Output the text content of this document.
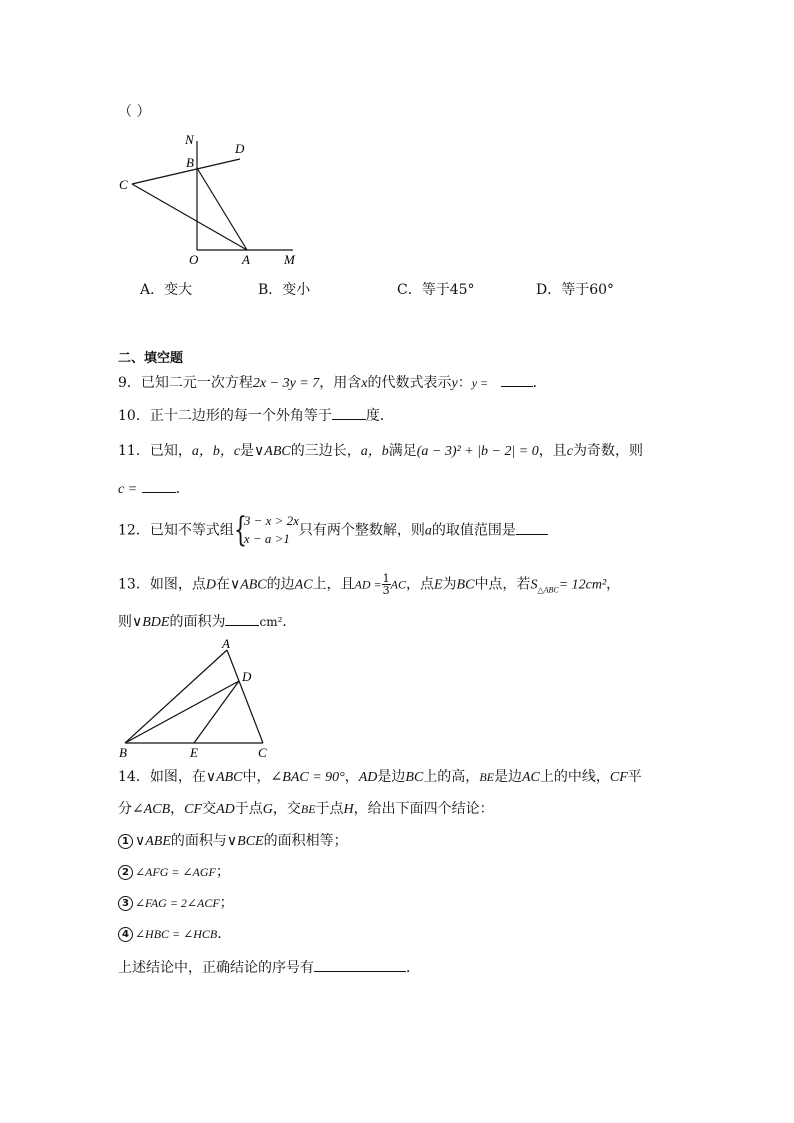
（ ）
N
B
D
C
O	A	M
A．变大	B．变小	C．等于45°	D．等于60°
二、填空题
9．已知二元一次方程2x − 3y = 7，用含x的代数式表示y：y =	．
10．正十二边形的每一个外角等于 度．
11．已知，a，b，c是∨ABC的三边长，a，b满足(a − 3)² + |b − 2| = 0，且c为奇数，则
c =	．
12．已知不等式组 {
3 − x > 2x
x − a >1 只有两个整数解，则a的取值范围是
13．如图，点D在∨ABC的边AC上，且AD = $\frac{1}{3}$ AC，点E为BC中点，若$S_{\triangle ABC}= 12cm^2$，
则∨BDE的面积为	cm²．
A
D
B	E	C
14．如图，在∨ABC中，∠BAC = 90°，AD是边BC上的高，BE是边AC上的中线，CF平
分∠ACB，CF交AD于点G，交BE于点H，给出下面四个结论：
1 ∨ABE的面积与∨BCE的面积相等；
2 ∠AFG = ∠AGF；
3 ∠FAG = 2∠ACF；
4 ∠HBC = ∠HCB．
上述结论中，正确结论的序号有	．
